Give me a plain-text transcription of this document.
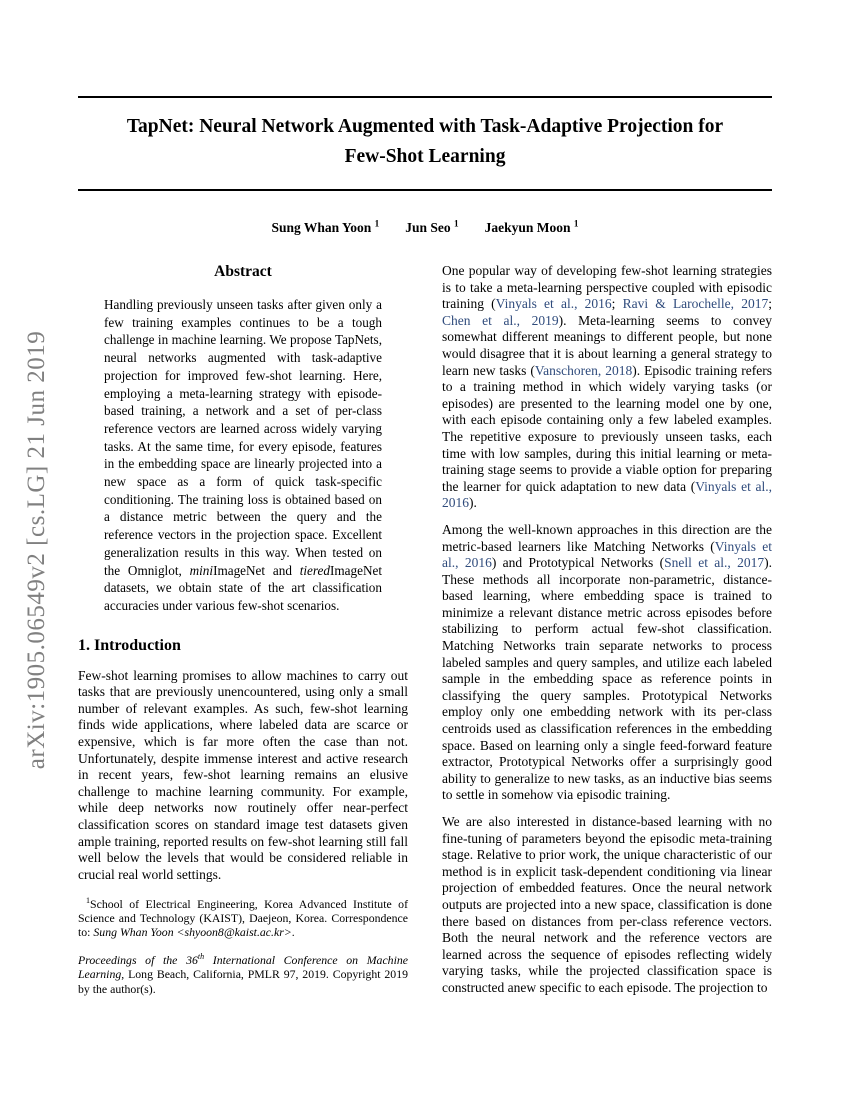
arXiv:1905.06549v2 [cs.LG] 21 Jun 2019
TapNet: Neural Network Augmented with Task-Adaptive Projection for
Few-Shot Learning
Sung Whan Yoon $^1$ Jun Seo $^1$ Jaekyun Moon $^1$
Abstract
Handling previously unseen tasks after given only a few training examples continues to be a tough challenge in machine learning. We propose TapNets, neural networks augmented with task-adaptive projection for improved few-shot learning. Here, employing a meta-learning strategy with episode-based training, a network and a set of per-class reference vectors are learned across widely varying tasks. At the same time, for every episode, features in the embedding space are linearly projected into a new space as a form of quick task-specific conditioning. The training loss is obtained based on a distance metric between the query and the reference vectors in the projection space. Excellent generalization results in this way. When tested on the Omniglot, miniImageNet and tieredImageNet datasets, we obtain state of the art classification accuracies under various few-shot scenarios.
1. Introduction
Few-shot learning promises to allow machines to carry out tasks that are previously unencountered, using only a small number of relevant examples. As such, few-shot learning finds wide applications, where labeled data are scarce or expensive, which is far more often the case than not. Unfortunately, despite immense interest and active research in recent years, few-shot learning remains an elusive challenge to machine learning community. For example, while deep networks now routinely offer near-perfect classification scores on standard image test datasets given ample training, reported results on few-shot learning still fall well below the levels that would be considered reliable in crucial real world settings.
$^1$School of Electrical Engineering, Korea Advanced Institute of Science and Technology (KAIST), Daejeon, Korea. Correspondence to: Sung Whan Yoon <shyoon8@kaist.ac.kr>.
Proceedings of the 36th International Conference on Machine Learning, Long Beach, California, PMLR 97, 2019. Copyright 2019 by the author(s).
One popular way of developing few-shot learning strategies is to take a meta-learning perspective coupled with episodic training (Vinyals et al., 2016; Ravi & Larochelle, 2017; Chen et al., 2019). Meta-learning seems to convey somewhat different meanings to different people, but none would disagree that it is about learning a general strategy to learn new tasks (Vanschoren, 2018). Episodic training refers to a training method in which widely varying tasks (or episodes) are presented to the learning model one by one, with each episode containing only a few labeled examples. The repetitive exposure to previously unseen tasks, each time with low samples, during this initial learning or meta-training stage seems to provide a viable option for preparing the learner for quick adaptation to new data (Vinyals et al., 2016).
Among the well-known approaches in this direction are the metric-based learners like Matching Networks (Vinyals et al., 2016) and Prototypical Networks (Snell et al., 2017). These methods all incorporate non-parametric, distance-based learning, where embedding space is trained to minimize a relevant distance metric across episodes before stabilizing to perform actual few-shot classification. Matching Networks train separate networks to process labeled samples and query samples, and utilize each labeled sample in the embedding space as reference points in classifying the query samples. Prototypical Networks employ only one embedding network with its per-class centroids used as classification references in the embedding space. Based on learning only a single feed-forward feature extractor, Prototypical Networks offer a surprisingly good ability to generalize to new tasks, as an inductive bias seems to settle in somehow via episodic training.
We are also interested in distance-based learning with no fine-tuning of parameters beyond the episodic meta-training stage. Relative to prior work, the unique characteristic of our method is in explicit task-dependent conditioning via linear projection of embedded features. Once the neural network outputs are projected into a new space, classification is done there based on distances from per-class reference vectors. Both the neural network and the reference vectors are learned across the sequence of episodes reflecting widely varying tasks, while the projected classification space is constructed anew specific to each episode. The projection to
